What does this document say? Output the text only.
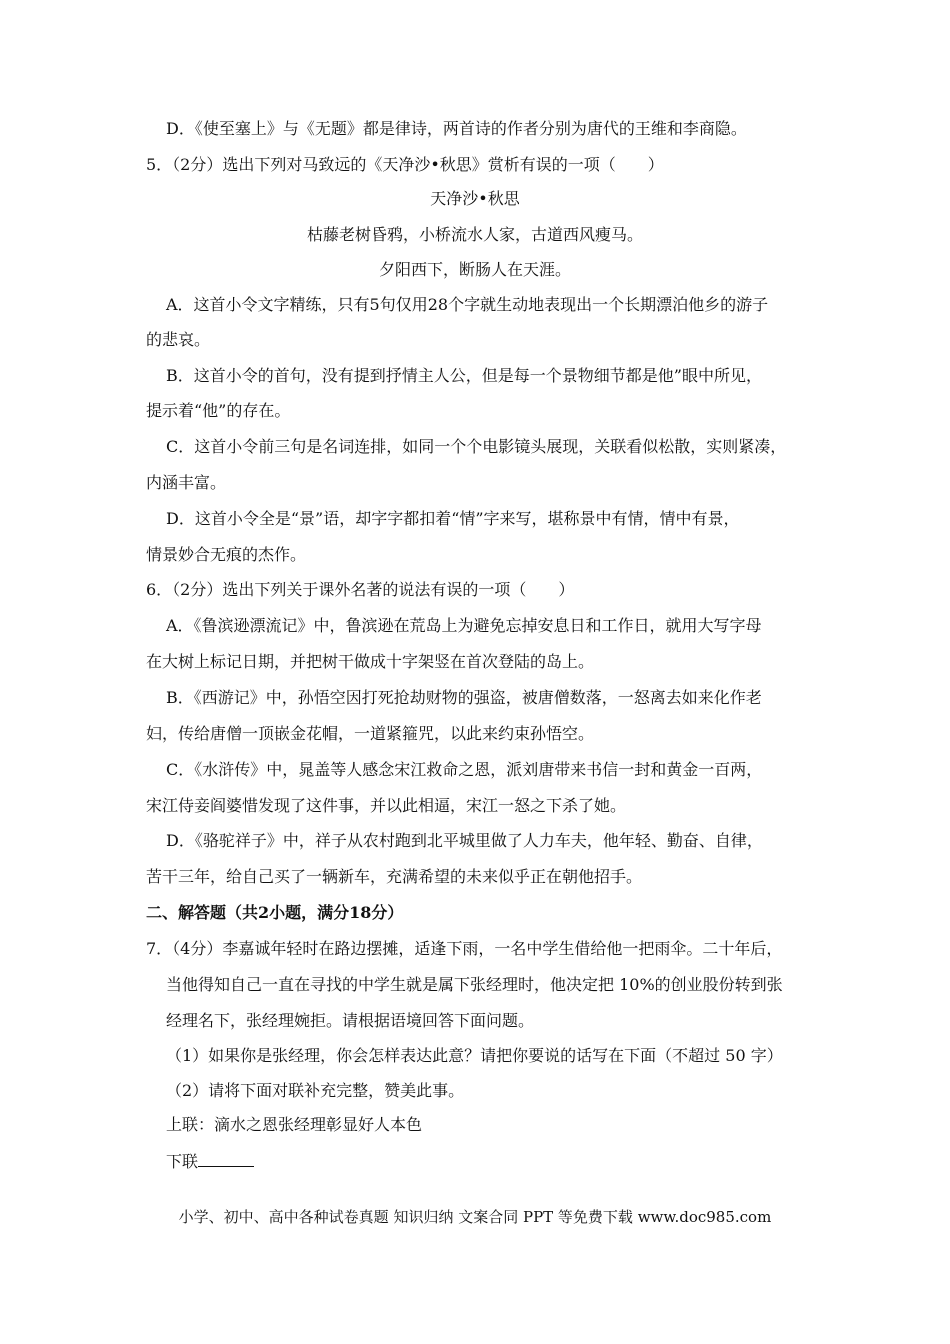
D．《使至塞上》与《无题》都是律诗，两首诗的作者分别为唐代的王维和李商隐。

5．（2分）选出下列对马致远的《天净沙•秋思》赏析有误的一项（　　）

天净沙•秋思

枯藤老树昏鸦，小桥流水人家，古道西风瘦马。

夕阳西下，断肠人在天涯。

A．这首小令文字精练，只有5句仅用28个字就生动地表现出一个长期漂泊他乡的游子

的悲哀。

B．这首小令的首句，没有提到抒情主人公，但是每一个景物细节都是他”眼中所见，

提示着“他”的存在。

C．这首小令前三句是名词连排，如同一个个电影镜头展现，关联看似松散，实则紧凑，

内涵丰富。

D．这首小令全是“景”语，却字字都扣着“情”字来写，堪称景中有情，情中有景，

情景妙合无痕的杰作。

6．（2分）选出下列关于课外名著的说法有误的一项（　　）

A．《鲁滨逊漂流记》中，鲁滨逊在荒岛上为避免忘掉安息日和工作日，就用大写字母

在大树上标记日期，并把树干做成十字架竖在首次登陆的岛上。

B．《西游记》中，孙悟空因打死抢劫财物的强盗，被唐僧数落，一怒离去如来化作老

妇，传给唐僧一顶嵌金花帽，一道紧箍咒，以此来约束孙悟空。

C．《水浒传》中，晁盖等人感念宋江救命之恩，派刘唐带来书信一封和黄金一百两，

宋江侍妾阎婆惜发现了这件事，并以此相逼，宋江一怒之下杀了她。

D．《骆驼祥子》中，祥子从农村跑到北平城里做了人力车夫，他年轻、勤奋、自律，

苦干三年，给自己买了一辆新车，充满希望的未来似乎正在朝他招手。

二、解答题（共2小题，满分18分）

7．（4分）李嘉诚年轻时在路边摆摊，适逢下雨，一名中学生借给他一把雨伞。二十年后，

当他得知自己一直在寻找的中学生就是属下张经理时，他决定把 10%的创业股份转到张

经理名下，张经理婉拒。请根据语境回答下面问题。

（1）如果你是张经理，你会怎样表达此意？请把你要说的话写在下面（不超过 50 字）

（2）请将下面对联补充完整，赞美此事。

上联：滴水之恩张经理彰显好人本色

下联

小学、初中、高中各种试卷真题 知识归纳 文案合同 PPT 等免费下载 www.doc985.com
